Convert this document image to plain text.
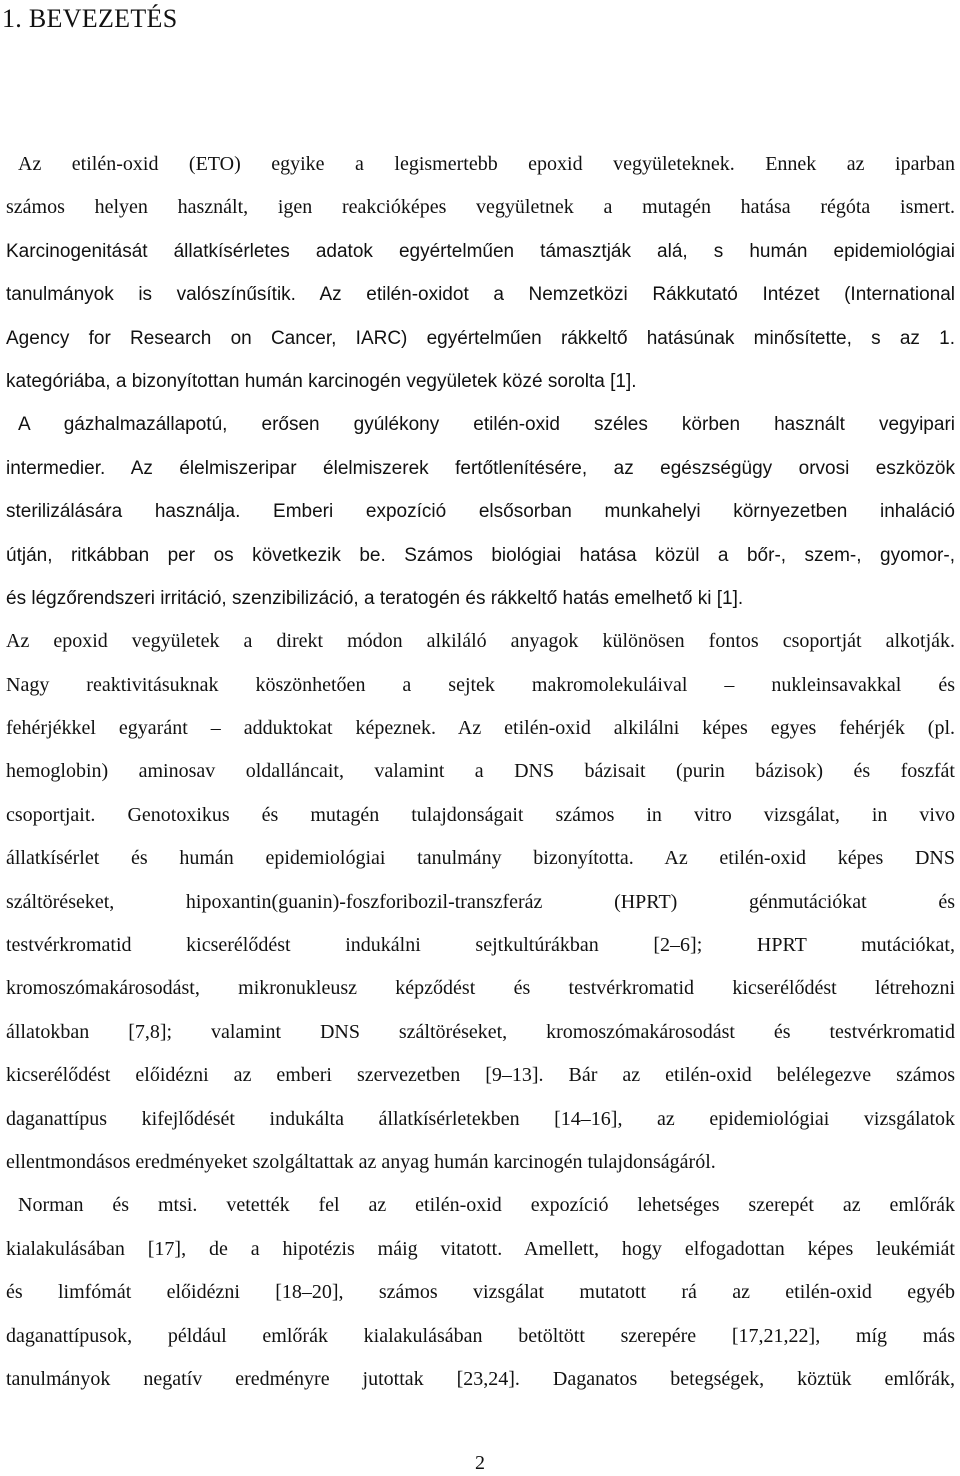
1. BEVEZETÉS
Az etilén-oxid (ETO) egyike a legismertebb epoxid vegyületeknek. Ennek az iparban
számos helyen használt, igen reakcióképes vegyületnek a mutagén hatása régóta ismert.
Karcinogenitását állatkísérletes adatok egyértelműen támasztják alá, s humán epidemiológiai
tanulmányok is valószínűsítik. Az etilén-oxidot a Nemzetközi Rákkutató Intézet (International
Agency for Research on Cancer, IARC) egyértelműen rákkeltő hatásúnak minősítette, s az 1.
kategóriába, a bizonyítottan humán karcinogén vegyületek közé sorolta [1].
A gázhalmazállapotú, erősen gyúlékony etilén-oxid széles körben használt vegyipari
intermedier. Az élelmiszeripar élelmiszerek fertőtlenítésére, az egészségügy orvosi eszközök
sterilizálására használja. Emberi expozíció elsősorban munkahelyi környezetben inhaláció
útján, ritkábban per os következik be. Számos biológiai hatása közül a bőr-, szem-, gyomor-,
és légzőrendszeri irritáció, szenzibilizáció, a teratogén és rákkeltő hatás emelhető ki [1].
Az epoxid vegyületek a direkt módon alkiláló anyagok különösen fontos csoportját alkotják.
Nagy reaktivitásuknak köszönhetően a sejtek makromolekuláival – nukleinsavakkal és
fehérjékkel egyaránt – adduktokat képeznek. Az etilén-oxid alkilálni képes egyes fehérjék (pl.
hemoglobin) aminosav oldalláncait, valamint a DNS bázisait (purin bázisok) és foszfát
csoportjait. Genotoxikus és mutagén tulajdonságait számos in vitro vizsgálat, in vivo
állatkísérlet és humán epidemiológiai tanulmány bizonyította. Az etilén-oxid képes DNS
száltöréseket, hipoxantin(guanin)-foszforibozil-transzferáz (HPRT) génmutációkat és
testvérkromatid kicserélődést indukálni sejtkultúrákban [2–6]; HPRT mutációkat,
kromoszómakárosodást, mikronukleusz képződést és testvérkromatid kicserélődést létrehozni
állatokban [7,8]; valamint DNS száltöréseket, kromoszómakárosodást és testvérkromatid
kicserélődést előidézni az emberi szervezetben [9–13]. Bár az etilén-oxid belélegezve számos
daganattípus kifejlődését indukálta állatkísérletekben [14–16], az epidemiológiai vizsgálatok
ellentmondásos eredményeket szolgáltattak az anyag humán karcinogén tulajdonságáról.
Norman és mtsi. vetették fel az etilén-oxid expozíció lehetséges szerepét az emlőrák
kialakulásában [17], de a hipotézis máig vitatott. Amellett, hogy elfogadottan képes leukémiát
és limfómát előidézni [18–20], számos vizsgálat mutatott rá az etilén-oxid egyéb
daganattípusok, például emlőrák kialakulásában betöltött szerepére [17,21,22], míg más
tanulmányok negatív eredményre jutottak [23,24]. Daganatos betegségek, köztük emlőrák,
2
